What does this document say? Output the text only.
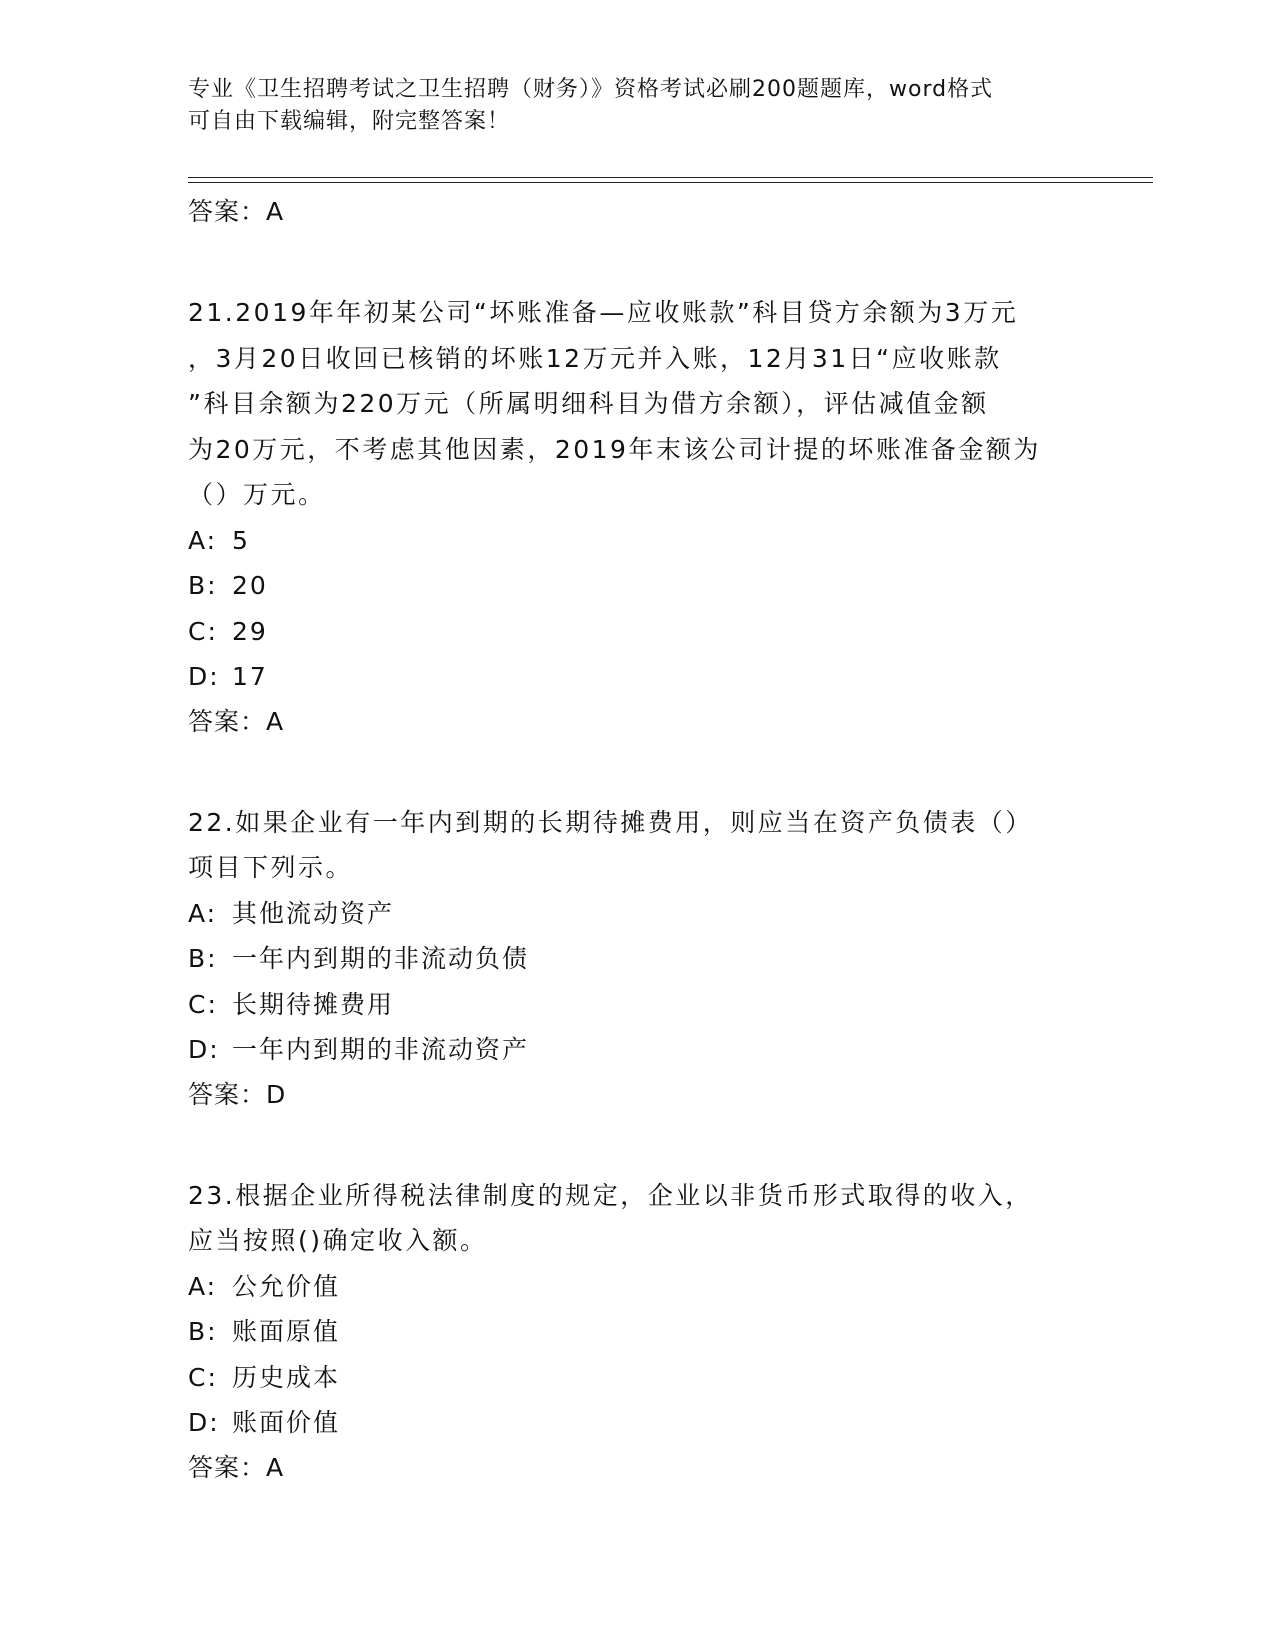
专业《卫生招聘考试之卫生招聘（财务）》资格考试必刷200题题库，word格式
可自由下载编辑，附完整答案！
答案：A
21.2019年年初某公司“坏账准备—应收账款”科目贷方余额为3万元
，3月20日收回已核销的坏账12万元并入账，12月31日“应收账款
”科目余额为220万元（所属明细科目为借方余额），评估减值金额
为20万元，不考虑其他因素，2019年末该公司计提的坏账准备金额为
（）万元。
A: 5
B: 20
C: 29
D: 17
答案：A
22.如果企业有一年内到期的长期待摊费用，则应当在资产负债表（）
项目下列示。
A: 其他流动资产
B: 一年内到期的非流动负债
C: 长期待摊费用
D: 一年内到期的非流动资产
答案：D
23.根据企业所得税法律制度的规定，企业以非货币形式取得的收入，
应当按照()确定收入额。
A: 公允价值
B: 账面原值
C: 历史成本
D: 账面价值
答案：A
